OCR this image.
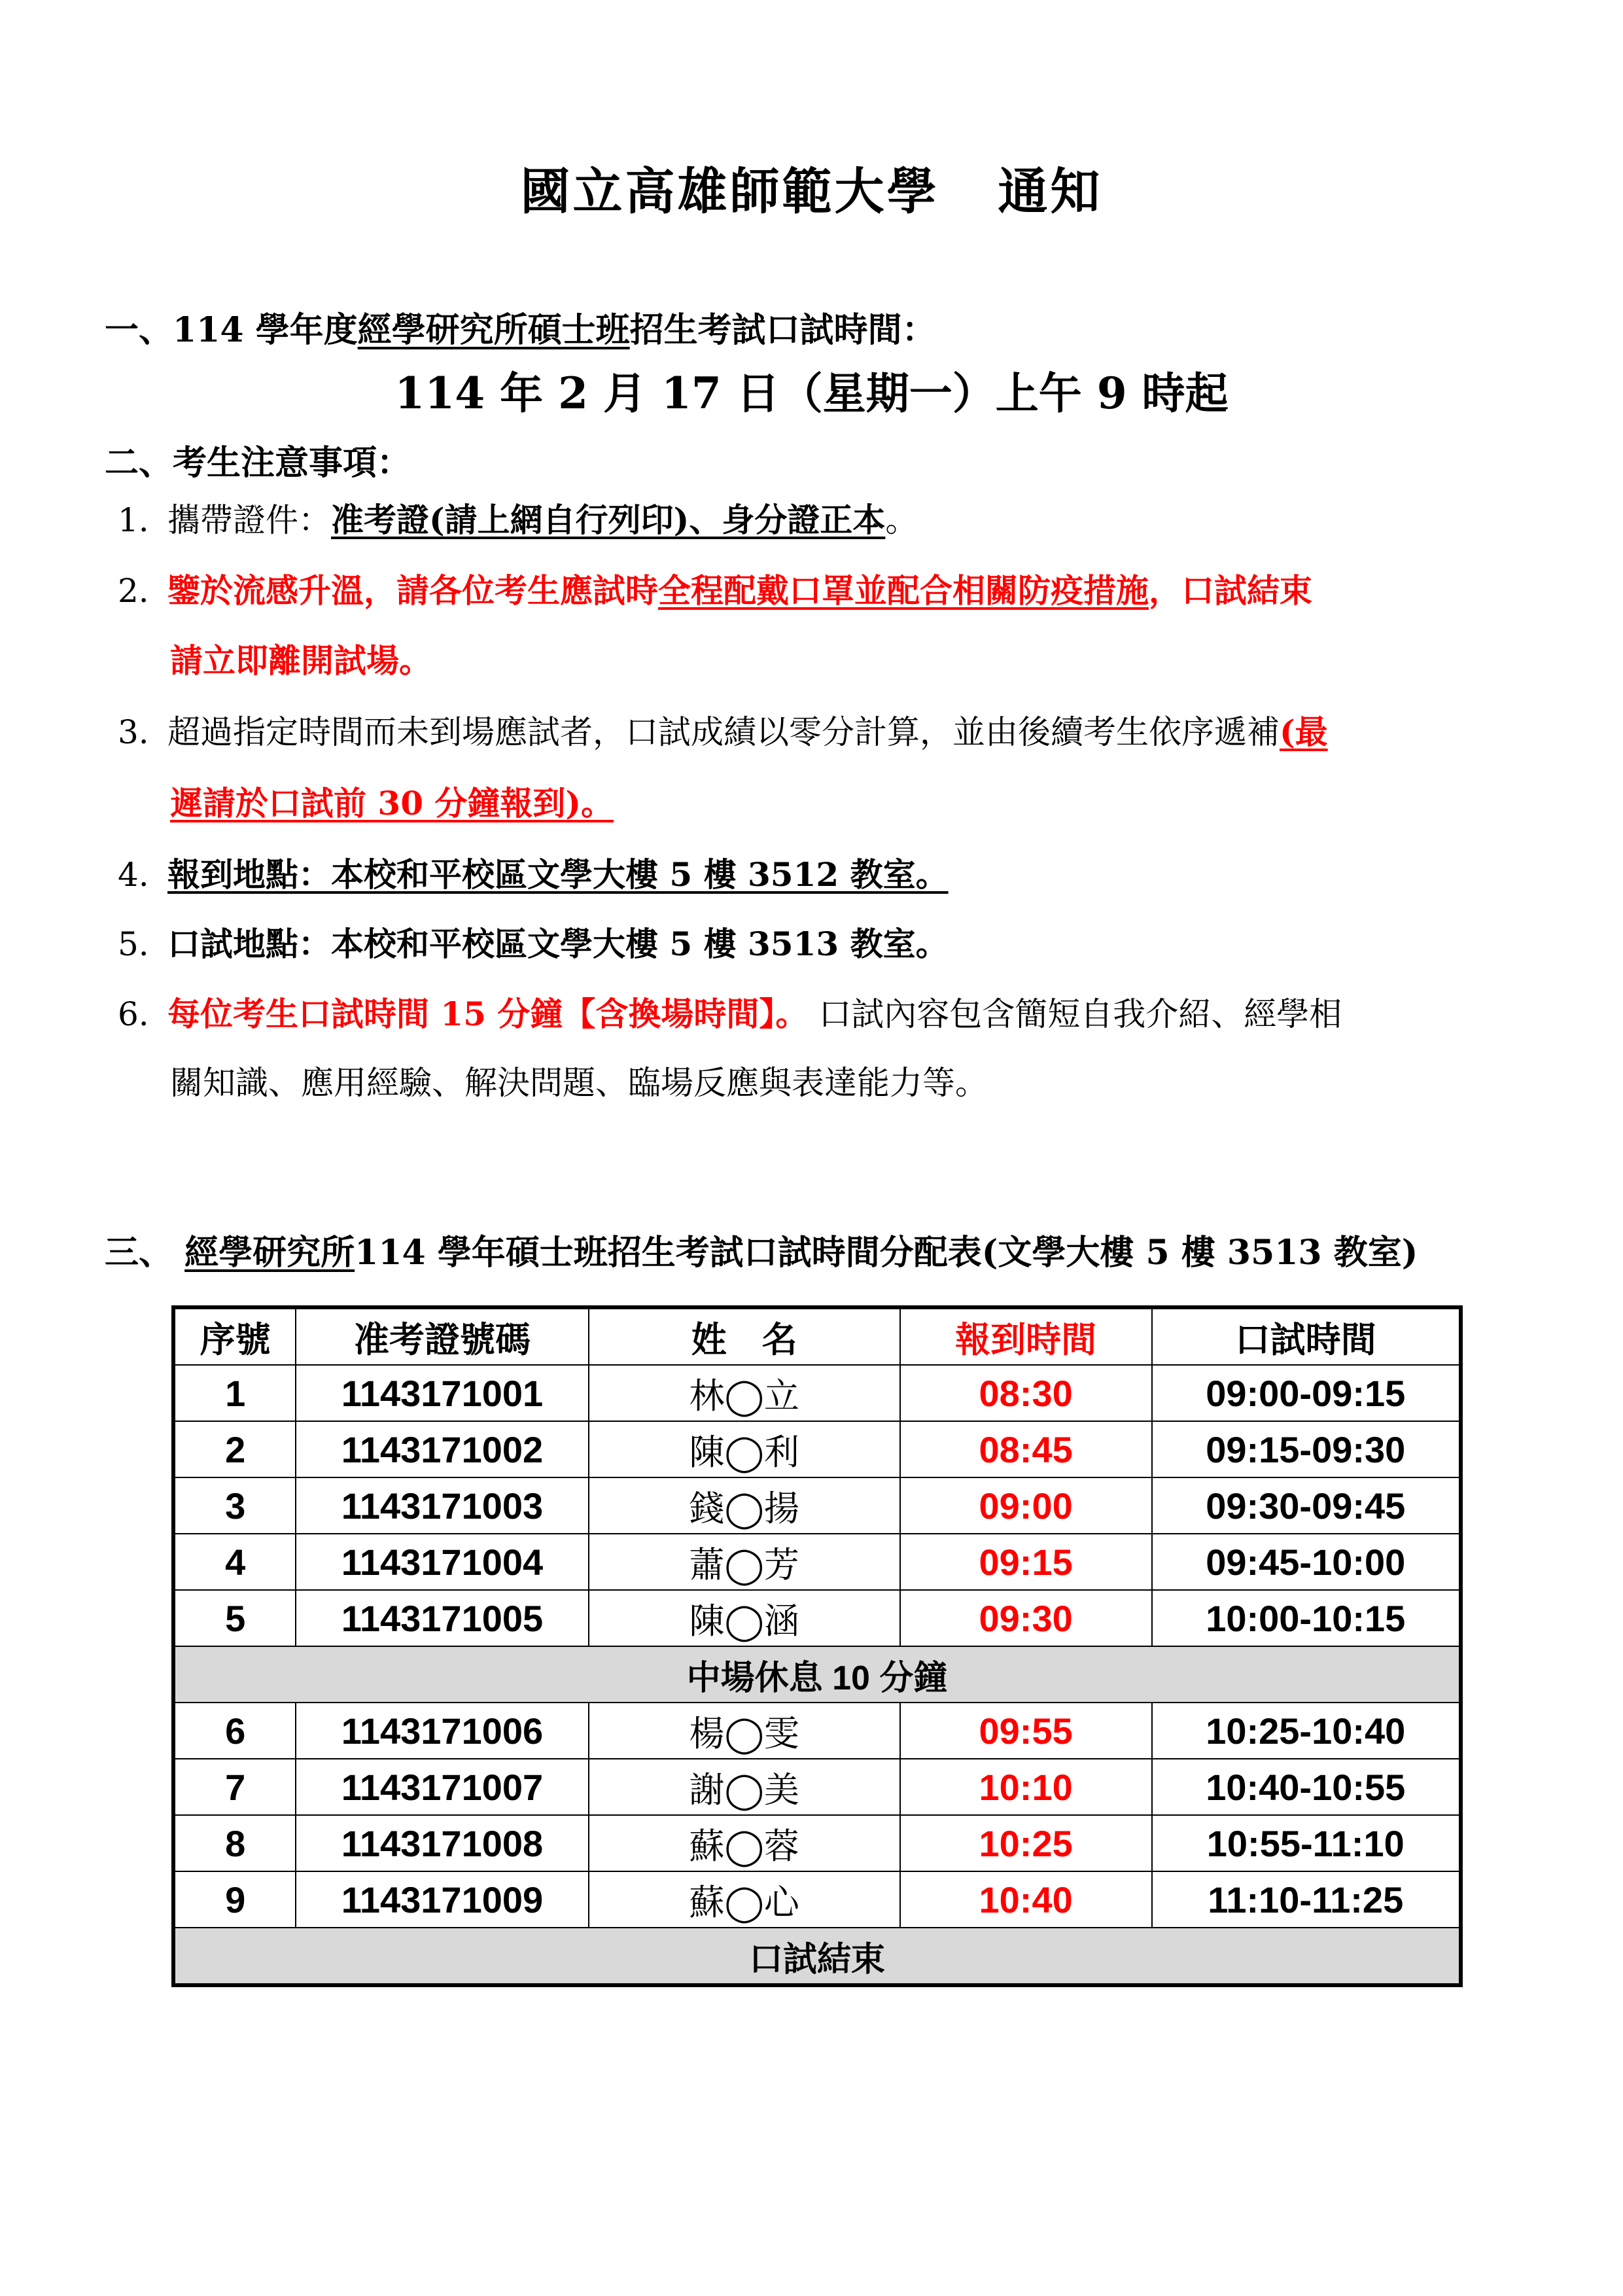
國立高雄師範大學 通知
一、114 學年度經學研究所碩士班招生考試口試時間：
114 年 2 月 17 日（星期一）上午 9 時起
二、考生注意事項：
1. 攜帶證件：准考證(請上網自行列印)、身分證正本。
2. 鑒於流感升溫，請各位考生應試時全程配戴口罩並配合相關防疫措施，口試結束
請立即離開試場。
3. 超過指定時間而未到場應試者，口試成績以零分計算，並由後續考生依序遞補(最
遲請於口試前 30 分鐘報到)。
4. 報到地點：本校和平校區文學大樓 5 樓 3512 教室。
5. 口試地點：本校和平校區文學大樓 5 樓 3513 教室。
6. 每位考生口試時間 15 分鐘【含換場時間】。 口試內容包含簡短自我介紹、經學相
關知識、應用經驗、解決問題、臨場反應與表達能力等。
三、 經學研究所114 學年碩士班招生考試口試時間分配表(文學大樓 5 樓 3513 教室)
序號	准考證號碼	姓　名	報到時間	口試時間
1	1143171001	林◯立	08:30	09:00-09:15
2	1143171002	陳◯利	08:45	09:15-09:30
3	1143171003	錢◯揚	09:00	09:30-09:45
4	1143171004	蕭◯芳	09:15	09:45-10:00
5	1143171005	陳◯涵	09:30	10:00-10:15
中場休息 10 分鐘				
6	1143171006	楊◯雯	09:55	10:25-10:40
7	1143171007	謝◯美	10:10	10:40-10:55
8	1143171008	蘇◯蓉	10:25	10:55-11:10
9	1143171009	蘇◯心	10:40	11:10-11:25
口試結束				
